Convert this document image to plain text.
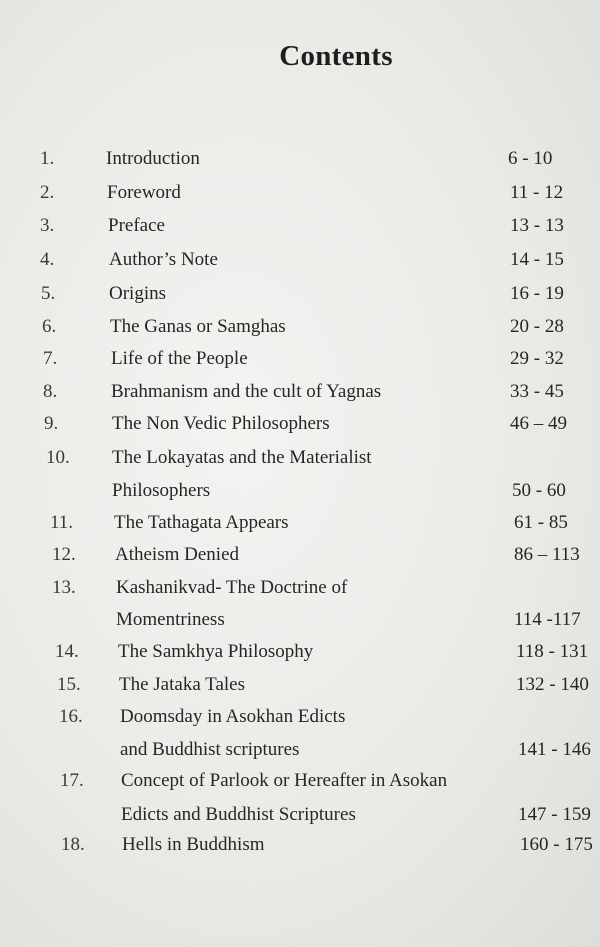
Contents
1.	Introduction	6 - 10
2.	Foreword	11 - 12
3.	Preface	13 - 13
4.	Author’s Note	14 - 15
5.	Origins	16 - 19
6.	The Ganas or Samghas	20 - 28
7.	Life of the People	29 - 32
8.	Brahmanism and the cult of Yagnas	33 - 45
9.	The Non Vedic Philosophers	46 – 49
10. The Lokayatas and the Materialist
Philosophers	50 - 60
11. The Tathagata Appears	61 - 85
12. Atheism Denied	86 – 113
13. Kashanikvad- The Doctrine of
Momentriness	114 -117
14. The Samkhya Philosophy	118 - 131
15. The Jataka Tales	132 - 140
16. Doomsday in Asokhan Edicts
and Buddhist scriptures	141 - 146
17. Concept of Parlook or Hereafter in Asokan
Edicts and Buddhist Scriptures	147 - 159
18. Hells in Buddhism	160 - 175
